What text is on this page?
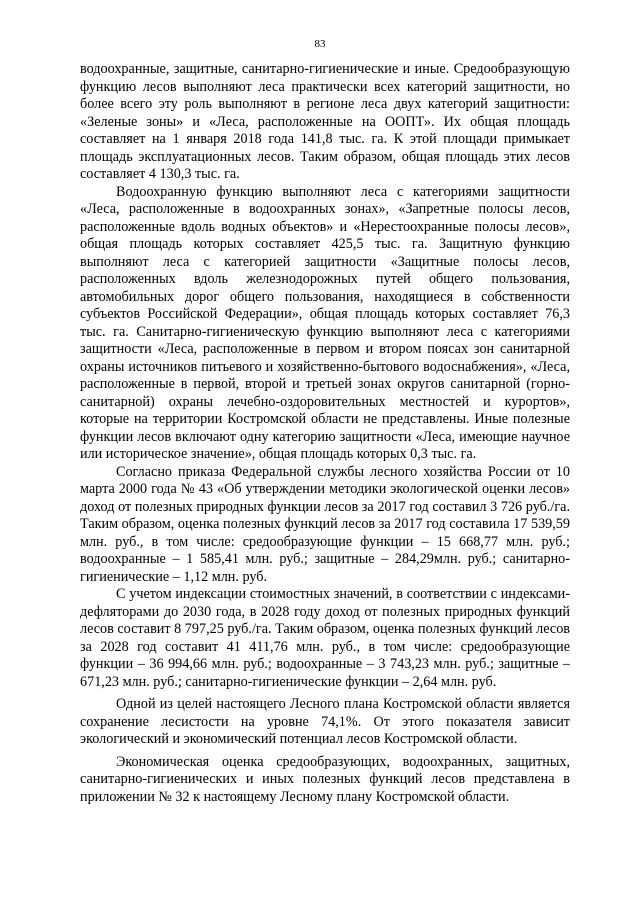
83

водоохранные, защитные, санитарно-гигиенические и иные. Средообразующую функцию лесов выполняют леса практически всех категорий защитности, но более всего эту роль выполняют в регионе леса двух категорий защитности: «Зеленые зоны» и «Леса, расположенные на ООПТ». Их общая площадь составляет на 1 января 2018 года 141,8 тыс. га. К этой площади примыкает площадь эксплуатационных лесов. Таким образом, общая площадь этих лесов составляет 4 130,3 тыс. га.

Водоохранную функцию выполняют леса с категориями защитности «Леса, расположенные в водоохранных зонах», «Запретные полосы лесов, расположенные вдоль водных объектов» и «Нерестоохранные полосы лесов», общая площадь которых составляет 425,5 тыс. га. Защитную функцию выполняют леса с категорией защитности «Защитные полосы лесов, расположенных вдоль железнодорожных путей общего пользования, автомобильных дорог общего пользования, находящиеся в собственности субъектов Российской Федерации», общая площадь которых составляет 76,3 тыс. га. Санитарно-гигиеническую функцию выполняют леса с категориями защитности «Леса, расположенные в первом и втором поясах зон санитарной охраны источников питьевого и хозяйственно-бытового водоснабжения», «Леса, расположенные в первой, второй и третьей зонах округов санитарной (горно-санитарной) охраны лечебно-оздоровительных местностей и курортов», которые на территории Костромской области не представлены. Иные полезные функции лесов включают одну категорию защитности «Леса, имеющие научное или историческое значение», общая площадь которых 0,3 тыс. га.

Согласно приказа Федеральной службы лесного хозяйства России от 10 марта 2000 года № 43 «Об утверждении методики экологической оценки лесов» доход от полезных природных функции лесов за 2017 год составил 3 726 руб./га. Таким образом, оценка полезных функций лесов за 2017 год составила 17 539,59 млн. руб., в том числе: средообразующие функции – 15 668,77 млн. руб.; водоохранные – 1 585,41 млн. руб.; защитные – 284,29млн. руб.; санитарно-гигиенические – 1,12 млн. руб.

С учетом индексации стоимостных значений, в соответствии с индексами-дефляторами до 2030 года, в 2028 году доход от полезных природных функций лесов составит 8 797,25 руб./га. Таким образом, оценка полезных функций лесов за 2028 год составит 41 411,76 млн. руб., в том числе: средообразующие функции – 36 994,66 млн. руб.; водоохранные – 3 743,23 млн. руб.; защитные – 671,23 млн. руб.; санитарно-гигиенические функции – 2,64 млн. руб.

Одной из целей настоящего Лесного плана Костромской области является сохранение лесистости на уровне 74,1%. От этого показателя зависит экологический и экономический потенциал лесов Костромской области.

Экономическая оценка средообразующих, водоохранных, защитных, санитарно-гигиенических и иных полезных функций лесов представлена в приложении № 32 к настоящему Лесному плану Костромской области.
